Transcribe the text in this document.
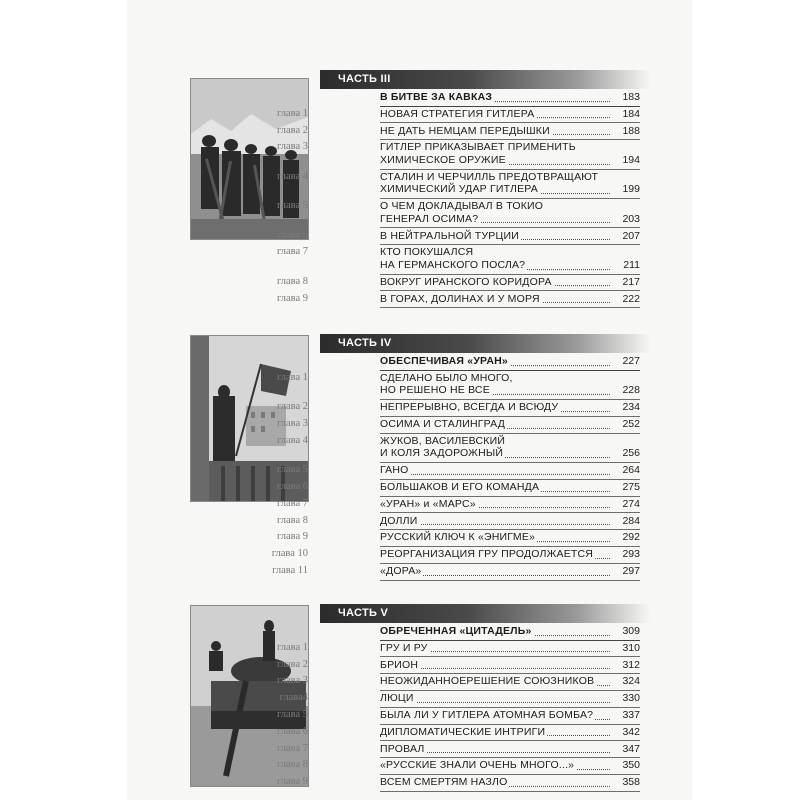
ЧАСТЬ III
В БИТВЕ ЗА КАВКАЗ	183
глава 1	НОВАЯ СТРАТЕГИЯ ГИТЛЕРА	184
глава 2	НЕ ДАТЬ НЕМЦАМ ПЕРЕДЫШКИ	188
глава 3	ГИТЛЕР ПРИКАЗЫВАЕТ ПРИМЕНИТЬ
ХИМИЧЕСКОЕ ОРУЖИЕ	194
глава 4	СТАЛИН И ЧЕРЧИЛЛЬ ПРЕДОТВРАЩАЮТ
ХИМИЧЕСКИЙ УДАР ГИТЛЕРА	199
глава 5	О ЧЕМ ДОКЛАДЫВАЛ В ТОКИО
ГЕНЕРАЛ ОСИМА?	203
глава 6	В НЕЙТРАЛЬНОЙ ТУРЦИИ	207
глава 7	КТО ПОКУШАЛСЯ
НА ГЕРМАНСКОГО ПОСЛА?	211
глава 8	ВОКРУГ ИРАНСКОГО КОРИДОРА	217
глава 9	В ГОРАХ, ДОЛИНАХ И У МОРЯ	222
ЧАСТЬ IV
ОБЕСПЕЧИВАЯ «УРАН»	227
глава 1	СДЕЛАНО БЫЛО МНОГО,
НО РЕШЕНО НЕ ВСЕ	228
глава 2	НЕПРЕРЫВНО, ВСЕГДА И ВСЮДУ	234
глава 3	ОСИМА И СТАЛИНГРАД	252
глава 4	ЖУКОВ, ВАСИЛЕВСКИЙ
И КОЛЯ ЗАДОРОЖНЫЙ	256
глава 5	ГАНО	264
глава 6	БОЛЬШАКОВ И ЕГО КОМАНДА	275
глава 7	«УРАН» и «МАРС»	274
глава 8	ДОЛЛИ	284
глава 9	РУССКИЙ КЛЮЧ К «ЭНИГМЕ»	292
глава 10	РЕОРГАНИЗАЦИЯ ГРУ ПРОДОЛЖАЕТСЯ	293
глава 11	«ДОРА»	297
ЧАСТЬ V
ОБРЕЧЕННАЯ «ЦИТАДЕЛЬ»	309
глава 1	ГРУ И РУ	310
глава 2	БРИОН	312
глава 3	НЕОЖИДАННОЕРЕШЕНИЕ СОЮЗНИКОВ	324
глава4	ЛЮЦИ	330
глава 5	БЫЛА ЛИ У ГИТЛЕРА АТОМНАЯ БОМБА?	337
глава 6	ДИПЛОМАТИЧЕСКИЕ ИНТРИГИ	342
глава 7	ПРОВАЛ	347
глава 8	«РУССКИЕ ЗНАЛИ ОЧЕНЬ МНОГО...»	350
глава 9	ВСЕМ СМЕРТЯМ НАЗЛО	358
